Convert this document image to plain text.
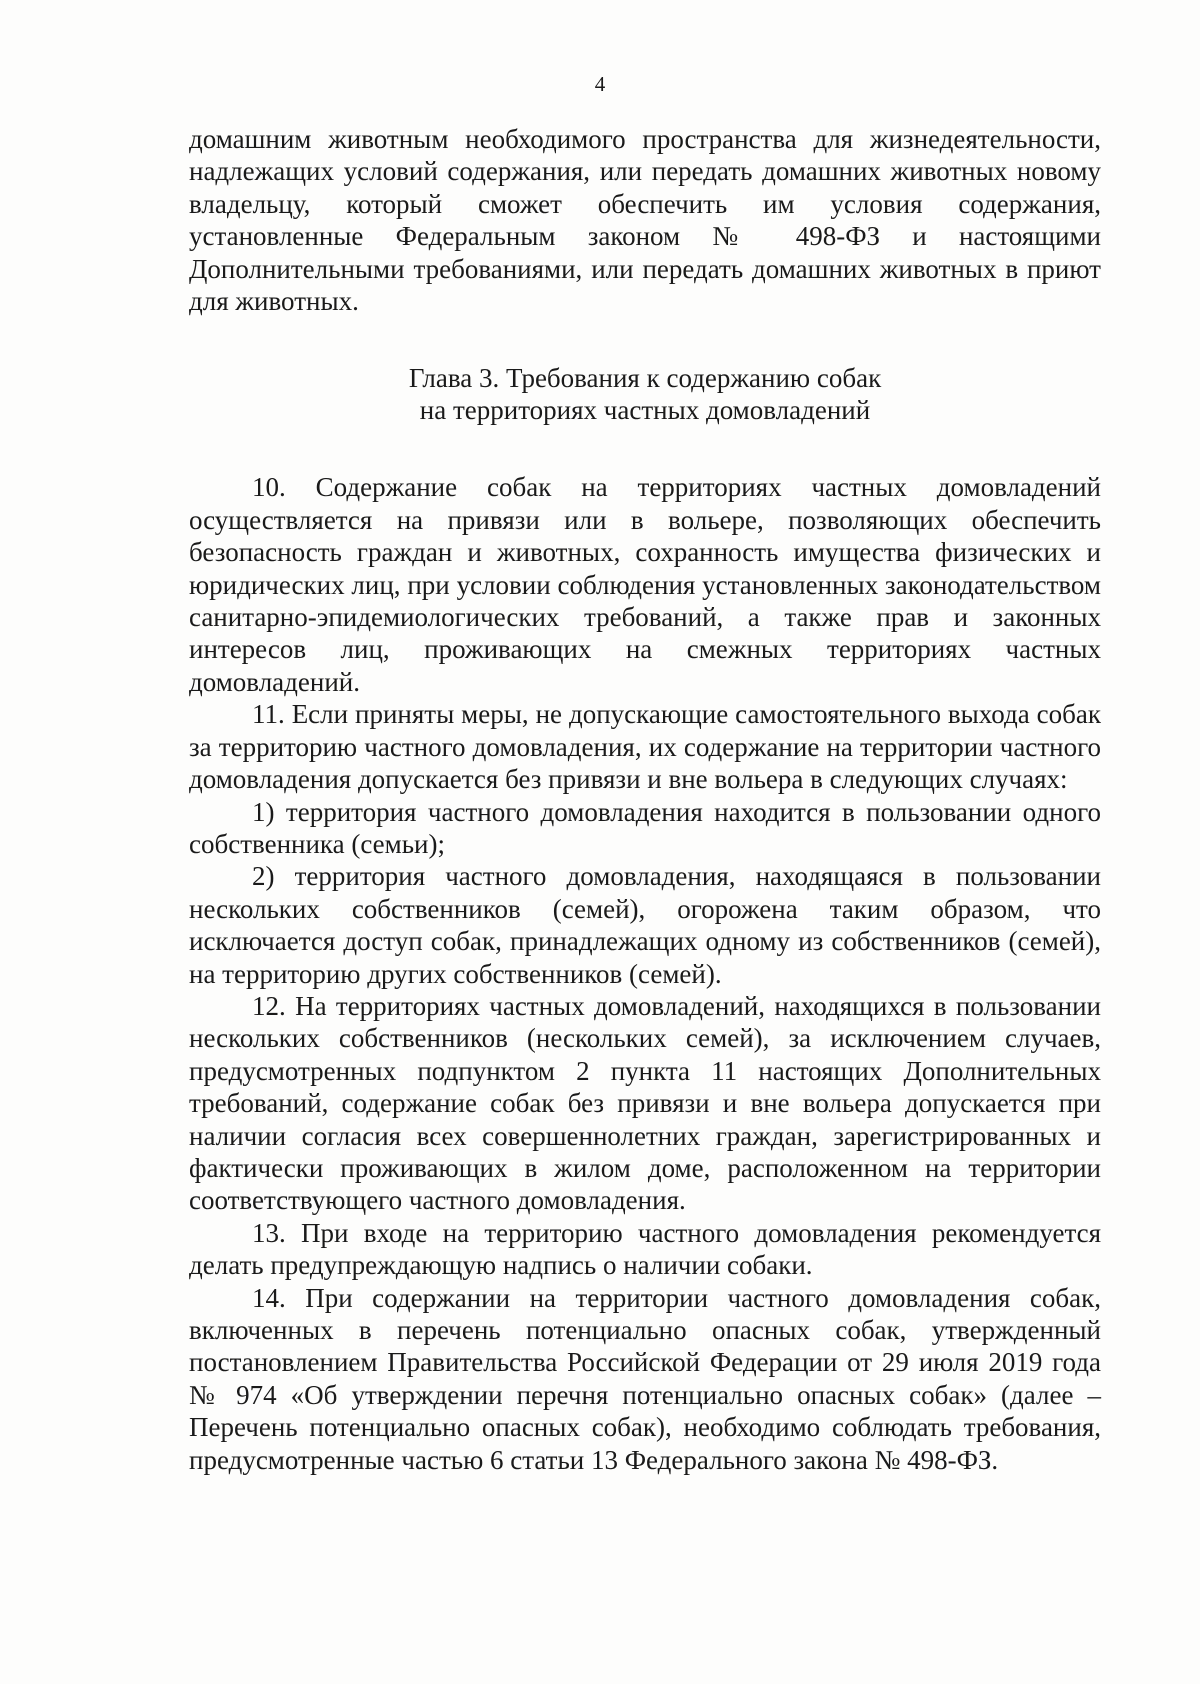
4

домашним животным необходимого пространства для жизнедеятельности, надлежащих условий содержания, или передать домашних животных новому владельцу, который сможет обеспечить им условия содержания, установленные Федеральным законом № 498-ФЗ и настоящими Дополнительными требованиями, или передать домашних животных в приют для животных.

Глава 3. Требования к содержанию собак
на территориях частных домовладений

10. Содержание собак на территориях частных домовладений осуществляется на привязи или в вольере, позволяющих обеспечить безопасность граждан и животных, сохранность имущества физических и юридических лиц, при условии соблюдения установленных законодательством санитарно-эпидемиологических требований, а также прав и законных интересов лиц, проживающих на смежных территориях частных домовладений.

11. Если приняты меры, не допускающие самостоятельного выхода собак за территорию частного домовладения, их содержание на территории частного домовладения допускается без привязи и вне вольера в следующих случаях:

1) территория частного домовладения находится в пользовании одного собственника (семьи);

2) территория частного домовладения, находящаяся в пользовании нескольких собственников (семей), огорожена таким образом, что исключается доступ собак, принадлежащих одному из собственников (семей), на территорию других собственников (семей).

12. На территориях частных домовладений, находящихся в пользовании нескольких собственников (нескольких семей), за исключением случаев, предусмотренных подпунктом 2 пункта 11 настоящих Дополнительных требований, содержание собак без привязи и вне вольера допускается при наличии согласия всех совершеннолетних граждан, зарегистрированных и фактически проживающих в жилом доме, расположенном на территории соответствующего частного домовладения.

13. При входе на территорию частного домовладения рекомендуется делать предупреждающую надпись о наличии собаки.

14. При содержании на территории частного домовладения собак, включенных в перечень потенциально опасных собак, утвержденный постановлением Правительства Российской Федерации от 29 июля 2019 года № 974 «Об утверждении перечня потенциально опасных собак» (далее – Перечень потенциально опасных собак), необходимо соблюдать требования, предусмотренные частью 6 статьи 13 Федерального закона № 498-ФЗ.
